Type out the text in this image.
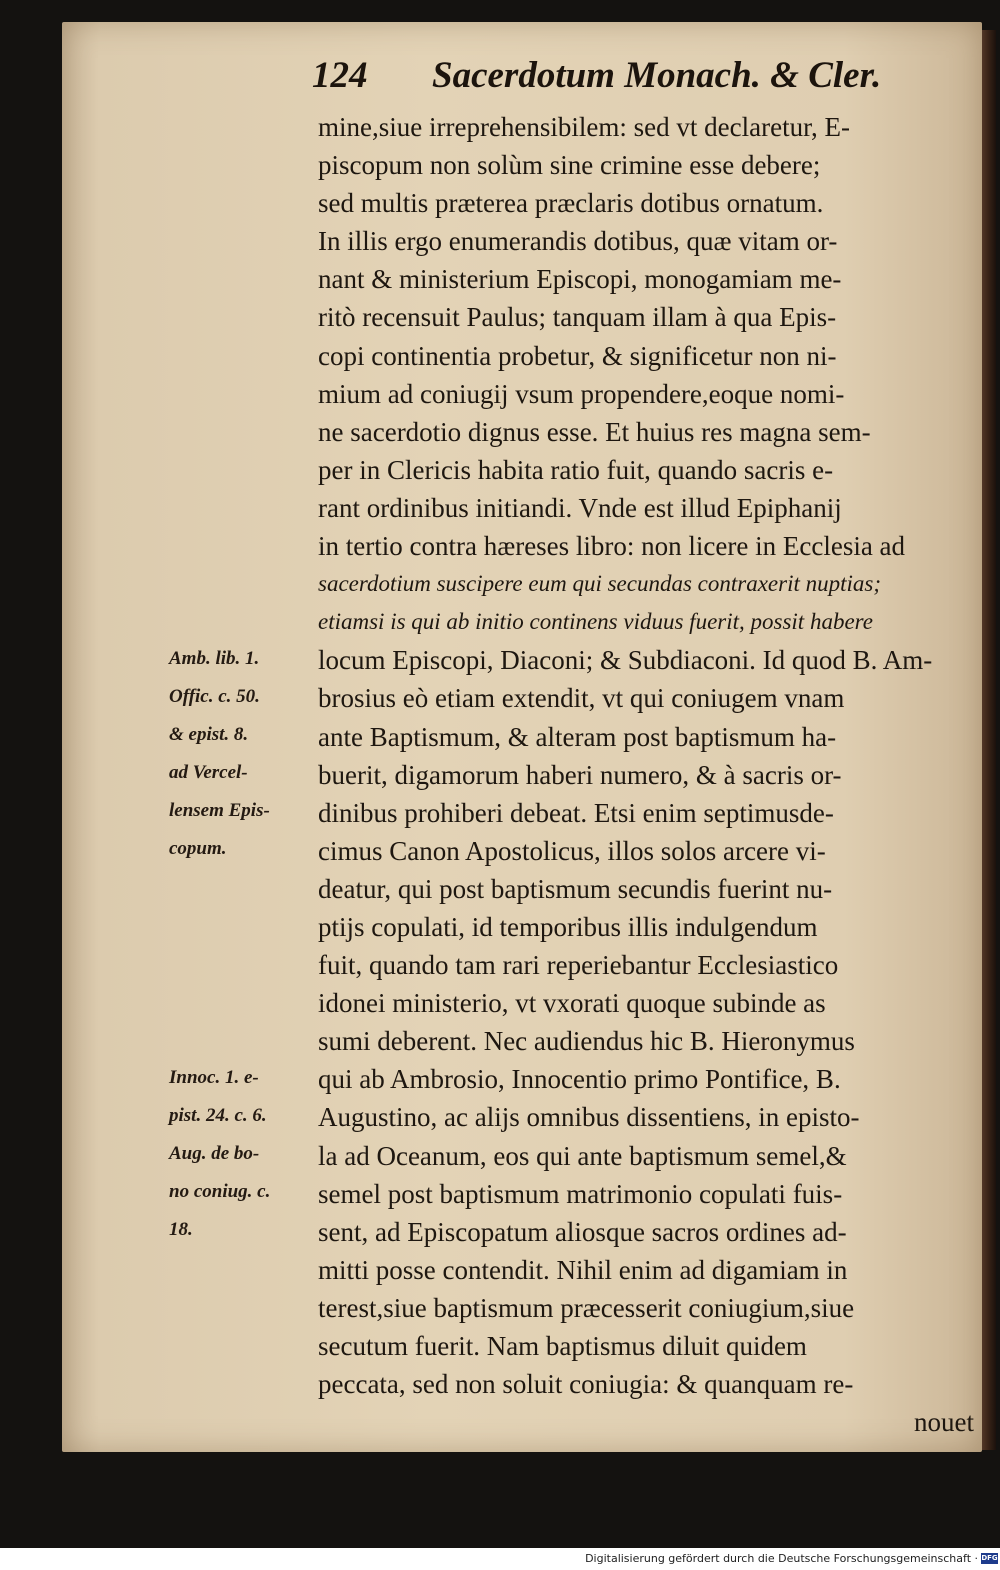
124 Sacerdotum Monach. & Cler.
mine,siue irreprehensibilem: sed vt declaretur, E-
piscopum non solùm sine crimine esse debere;
sed multis prӕterea prӕclaris dotibus ornatum.
In illis ergo enumerandis dotibus, quӕ vitam or-
nant & ministerium Episcopi, monogamiam me-
ritò recensuit Paulus; tanquam illam à qua Epis-
copi continentia probetur, & significetur non ni-
mium ad coniugij vsum propendere,eoque nomi-
ne sacerdotio dignus esse. Et huius res magna sem-
per in Clericis habita ratio fuit, quando sacris e-
rant ordinibus initiandi. Vnde est illud Epiphanij
in tertio contra hӕreses libro: non licere in Ecclesia ad
sacerdotium suscipere eum qui secundas contraxerit nuptias;
etiamsi is qui ab initio continens viduus fuerit, possit habere
locum Episcopi, Diaconi; & Subdiaconi. Id quod B. Am-
brosius eò etiam extendit, vt qui coniugem vnam
ante Baptismum, & alteram post baptismum ha-
buerit, digamorum haberi numero, & à sacris or-
dinibus prohiberi debeat. Etsi enim septimusde-
cimus Canon Apostolicus, illos solos arcere vi-
deatur, qui post baptismum secundis fuerint nu-
ptijs copulati, id temporibus illis indulgendum
fuit, quando tam rari reperiebantur Ecclesiastico
idonei ministerio, vt vxorati quoque subinde as
sumi deberent. Nec audiendus hic B. Hieronymus
qui ab Ambrosio, Innocentio primo Pontifice, B.
Augustino, ac alijs omnibus dissentiens, in episto-
la ad Oceanum, eos qui ante baptismum semel,&
semel post baptismum matrimonio copulati fuis-
sent, ad Episcopatum aliosque sacros ordines ad-
mitti posse contendit. Nihil enim ad digamiam in
terest,siue baptismum prӕcesserit coniugium,siue
secutum fuerit. Nam baptismus diluit quidem
peccata, sed non soluit coniugia: & quanquam re-
nouet
Amb. lib. 1.
Offic. c. 50.
& epist. 8.
ad Vercel-
lensem Epis-
copum.
Innoc. 1. e-
pist. 24. c. 6.
Aug. de bo-
no coniug. c.
18.
Digitalisierung gefördert durch die Deutsche Forschungsgemeinschaft · DFG
